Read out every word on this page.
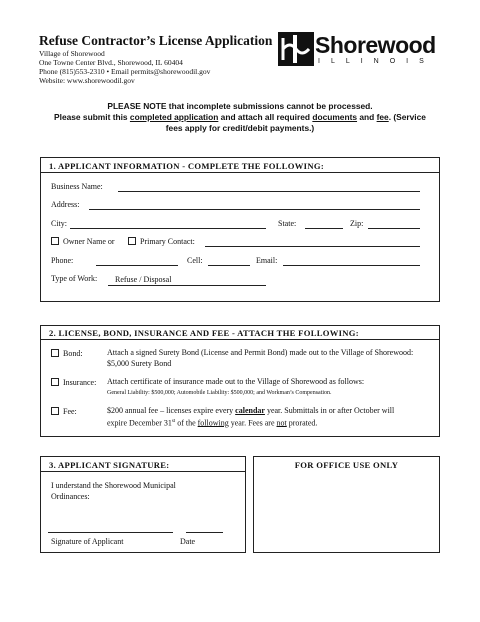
Refuse Contractor’s License Application
Village of Shorewood
One Towne Center Blvd., Shorewood, IL 60404
Phone (815)553-2310 • Email permits@shorewoodil.gov
Website: www.shorewoodil.gov
Shorewood
ILLINOIS
PLEASE NOTE that incomplete submissions cannot be processed.
Please submit this completed application and attach all required documents and fee. (Service
fees apply for credit/debit payments.)
1. APPLICANT INFORMATION - COMPLETE THE FOLLOWING:
Business Name:
Address:
City:	State:	Zip:
Owner Name or	Primary Contact:
Phone:	Cell:	Email:
Type of Work: Refuse / Disposal
2. LICENSE, BOND, INSURANCE AND FEE - ATTACH THE FOLLOWING:
Bond:	Attach a signed Surety Bond (License and Permit Bond) made out to the Village of Shorewood:
$5,000 Surety Bond
Insurance: Attach certificate of insurance made out to the Village of Shorewood as follows:
General Liability: $500,000; Automobile Liability: $500,000; and Workman’s Compensation.
Fee:	$200 annual fee – licenses expire every calendar year. Submittals in or after October will
expire December 31st of the following year. Fees are not prorated.
3. APPLICANT SIGNATURE:
I understand the Shorewood Municipal
Ordinances:
Signature of Applicant	Date
FOR OFFICE USE ONLY
